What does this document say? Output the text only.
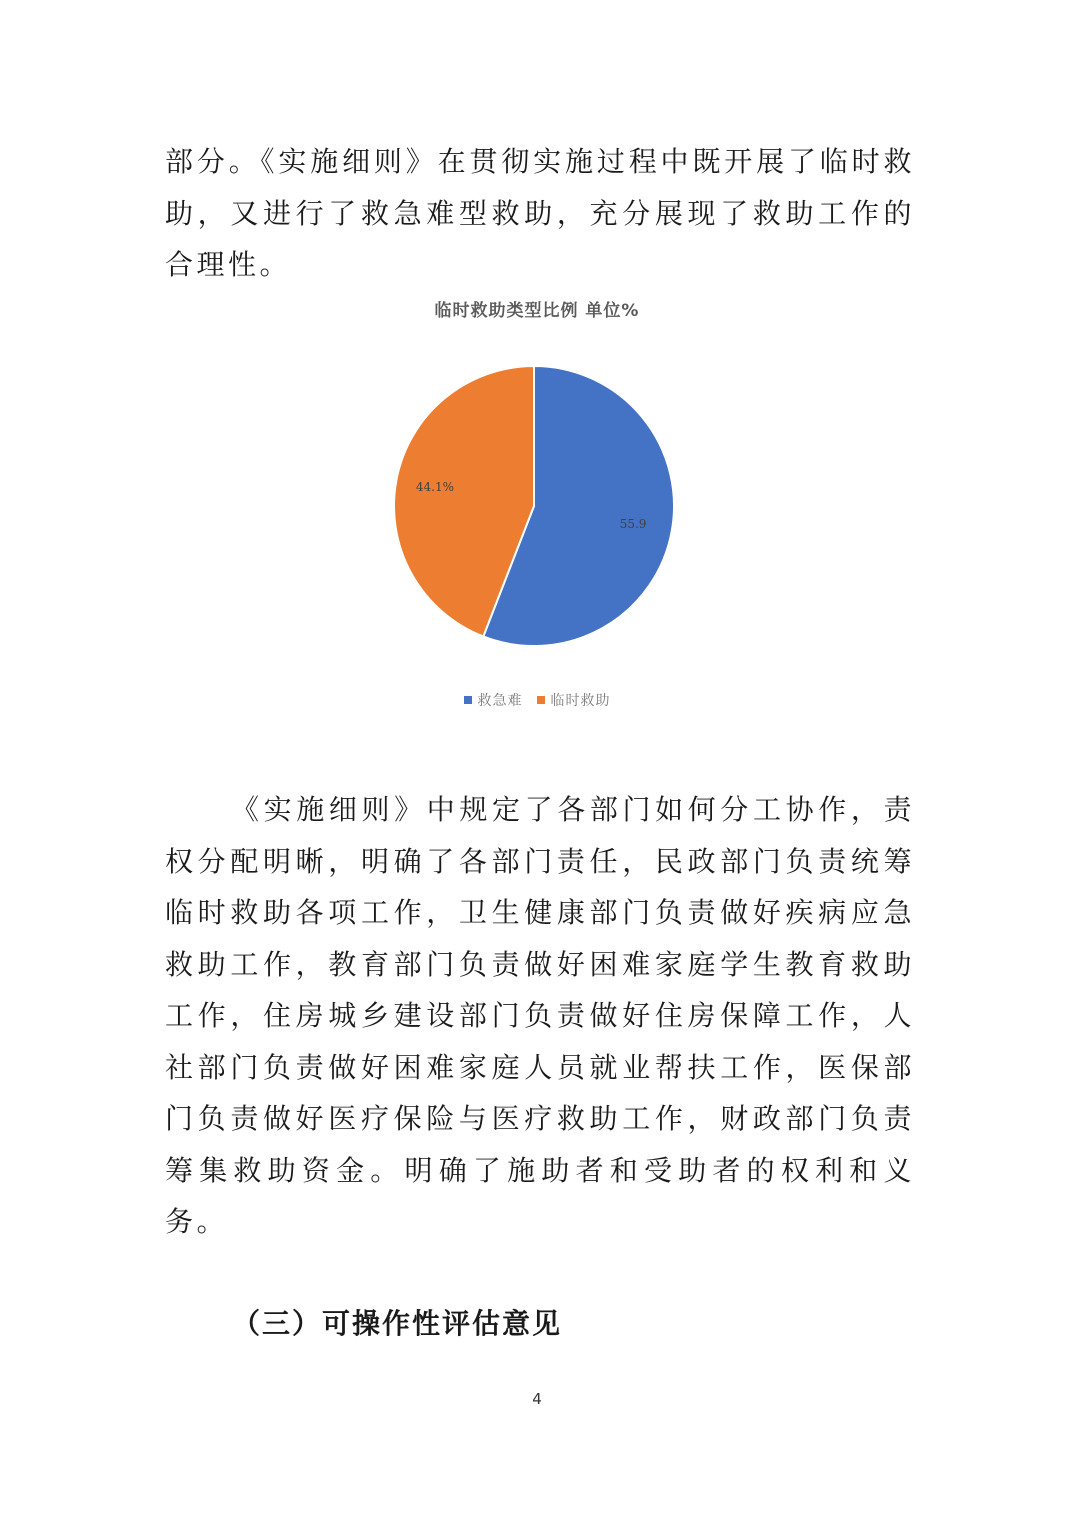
部分。《实施细则》在贯彻实施过程中既开展了临时救助，又进行了救急难型救助，充分展现了救助工作的合理性。

临时救助类型比例 单位%
55.9
44.1%
救急难 临时救助

《实施细则》中规定了各部门如何分工协作，责权分配明晰，明确了各部门责任，民政部门负责统筹临时救助各项工作，卫生健康部门负责做好疾病应急救助工作，教育部门负责做好困难家庭学生教育救助工作，住房城乡建设部门负责做好住房保障工作，人社部门负责做好困难家庭人员就业帮扶工作，医保部门负责做好医疗保险与医疗救助工作，财政部门负责筹集救助资金。明确了施助者和受助者的权利和义务。

（三）可操作性评估意见
4
